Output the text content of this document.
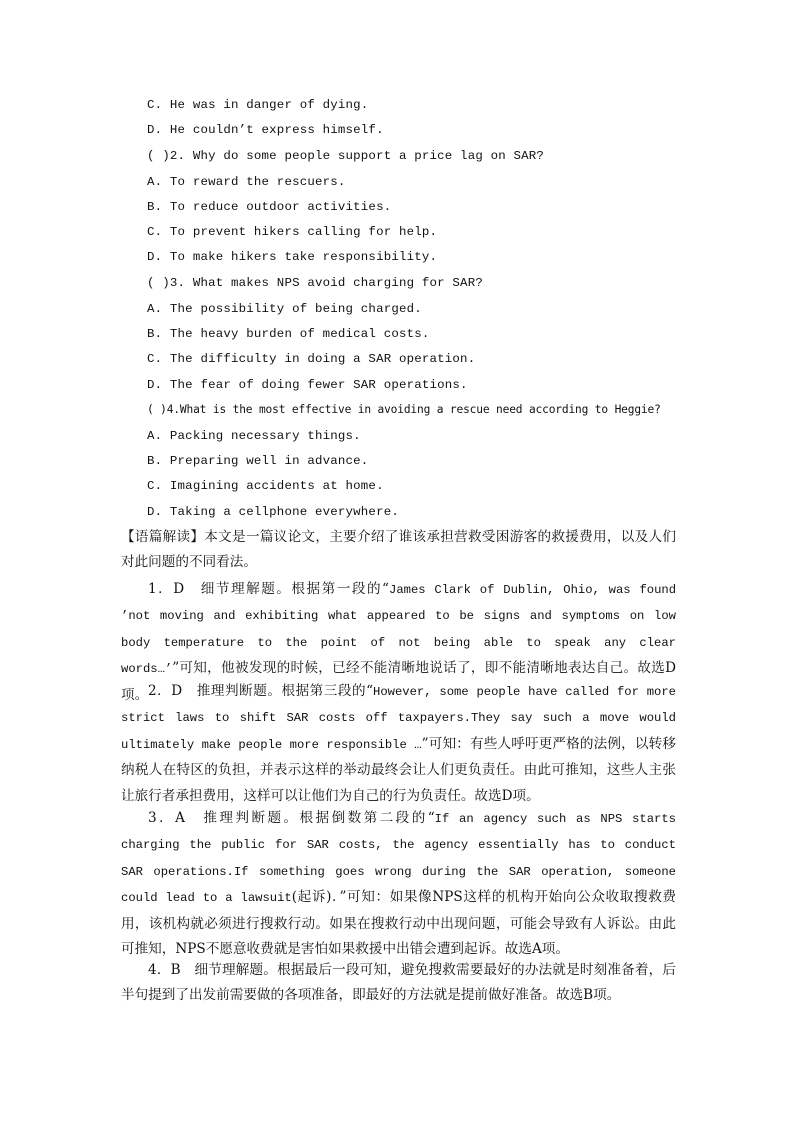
C. He was in danger of dying.
D. He couldn’t express himself.
( )2. Why do some people support a price lag on SAR?
A. To reward the rescuers.
B. To reduce outdoor activities.
C. To prevent hikers calling for help.
D. To make hikers take responsibility.
( )3. What makes NPS avoid charging for SAR?
A. The possibility of being charged.
B. The heavy burden of medical costs.
C. The difficulty in doing a SAR operation.
D. The fear of doing fewer SAR operations.
( )4.What is the most effective in avoiding a rescue need according to Heggie?
A. Packing necessary things.
B. Preparing well in advance.
C. Imagining accidents at home.
D. Taking a cellphone everywhere.
【语篇解读】本文是一篇议论文，主要介绍了谁该承担营救受困游客的救援费用，以及人们对此问题的不同看法。
1．D　细节理解题。根据第一段的“James Clark of Dublin, Ohio, was found ’not moving and exhibiting what appeared to be signs and symptoms on low body temperature to the point of not being able to speak any clear words…’”可知，他被发现的时候，已经不能清晰地说话了，即不能清晰地表达自己。故选D项。 2．D　推理判断题。根据第三段的“However, some people have called for more strict laws to shift SAR costs off taxpayers.They say such a move would ultimately make people more responsible …”可知：有些人呼吁更严格的法例，以转移纳税人在特区的负担，并表示这样的举动最终会让人们更负责任。由此可推知，这些人主张让旅行者承担费用，这样可以让他们为自己的行为负责任。故选D项。
3．A　推理判断题。根据倒数第二段的“If an agency such as NPS starts charging the public for SAR costs, the agency essentially has to conduct SAR operations.If something goes wrong during the SAR operation, someone could lead to a lawsuit(起诉)．”可知：如果像NPS这样的机构开始向公众收取搜救费用，该机构就必须进行搜救行动。如果在搜救行动中出现问题，可能会导致有人诉讼。由此可推知，NPS不愿意收费就是害怕如果救援中出错会遭到起诉。故选A项。
4．B　细节理解题。根据最后一段可知，避免搜救需要最好的办法就是时刻准备着，后半句提到了出发前需要做的各项准备，即最好的方法就是提前做好准备。故选B项。
